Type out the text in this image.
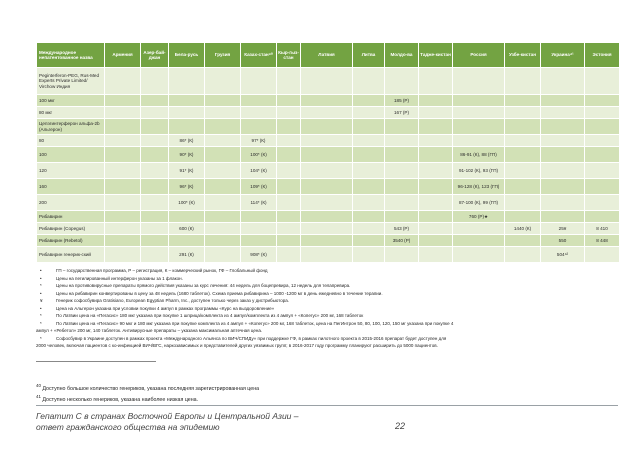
Международное непатентованное назва	Армения	Азер-бай-джан	Бела-русь	Грузия	Казах-стан⁴⁰	Кыр-гыз-стан	Латвия	Литва	Молдо-ва	Тадже-кистан	Россия	Узбе-кистан	Украина⁴¹	Эстония
Peginterferon-PEG, Rus-Med Experts Private Limited/ Virchow Индия														
100 мкг									185 (Р)					
80 мкг									167 (Р)					
Цепэгинтерферон альфа-2b (Альгерон)														
80			86* (К)		97* (К)									
100			90* (К)		100* (К)						86-91 (К), 88 (ГП)			
120			91* (К)		104* (К)						91-102 (К), 93 (ГП)			
160			96* (К)		109* (К)						96-128 (К), 123 (ГП)			
200			100* (К)		114* (К)						87-100 (К), 99 (ГП)			
Рибавирин											760 (Р)★			
Рибавирин (Copegus)			600 (К)						543 (Р)			1440 (К)	25¥	8 410
Рибавирин (Rebetol)									3540 (Р)				550	8 448
Рибавирин генерик-ский			291 (К)		908* (К)								504⁴²	
•	ГП – государственная программа, Р – регистрация, К – коммерческий рынок, ГФ – Глобальный фонд
•	Цены на пегилированный интерферон указаны за 1 флакон.
*	Цены на противовирусные препараты прямого действия указаны за курс лечения: 44 недель для боцепревира, 12 недель для телапревира.
•	Цены на рибавирин конвертированы в цену за 48 недель (1680 таблеток). Схема приема рибавирина – 1000 -1200 мг в день ежедневно в течение терапии.
¥	Генерик софосбувира Gratisiano, European Egyptian Pharm, Inc., доступен только через заказ у дистрибьютора.
•	Цена на Альгерон указана при условии покупки 4 ампул в рамках программы «Курс на выздоровление»
*	По Латвии цена на «Пегасис» 180 мкг указана при покупке 1 шприца/комплекта из 4 ампул/комплекта из 4 ампул + «Копегус» 200 мг, 168 таблеток
*	По Латвии цена на «Пегасис» 90 мкг и 180 мкг указана при покупке комплекта из 4 ампул + «Копегус» 200 мг, 168 таблеток, цена на ПегИнтрон 50, 80, 100, 120, 150 мг указана при покупке 4
ампул + «Ребетол» 200 мг, 140 таблеток. Антивирусные препараты – указана максимальная аптечная цена.
*	Софосбувир в Украине доступен в рамках проекта «Международного Альянса по ВИЧ/СПИДу» при поддержке ГФ, в рамках пилотного проекта в 2015-2016 препарат будет доступен для
2000 человек, включая пациентов с ко-инфекцией ВИЧ/ВГС, наркозависимых и представителей других уязвимых групп; в 2016-2017 году программу планируют расширить до 5000 пациентов.
$^{40}$ Доступно большое количество генериков, указана последняя зарегистрированная цена
$^{41}$ Доступно несколько генериков, указана наиболее низкая цена.
Гепатит С в странах Восточной Европы и Центральной Азии –
ответ гражданского общества на эпидемию	22
